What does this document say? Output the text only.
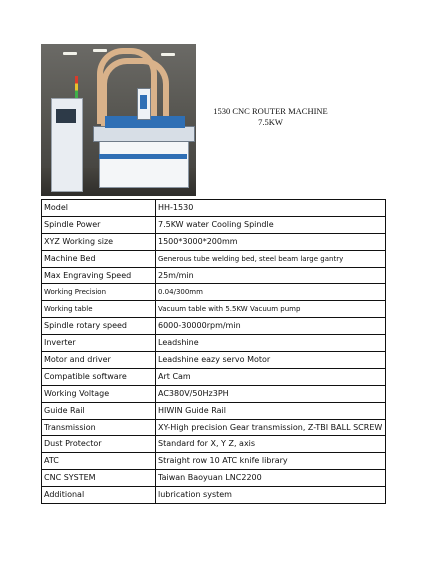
1530 CNC ROUTER MACHINE
7.5KW
Model	HH-1530
Spindle Power	7.5KW water Cooling Spindle
XYZ Working size	1500*3000*200mm
Machine Bed	Generous tube welding bed, steel beam large gantry
Max Engraving Speed	25m/min
Working Precision	0.04/300mm
Working table	Vacuum table with 5.5KW Vacuum pump
Spindle rotary speed	6000-30000rpm/min
Inverter	Leadshine
Motor and driver	Leadshine eazy servo Motor
Compatible software	Art Cam
Working Voltage	AC380V/50Hz3PH
Guide Rail	HIWIN Guide Rail
Transmission	XY-High precision Gear transmission, Z-TBI BALL SCREW
Dust Protector	Standard for X, Y Z, axis
ATC	Straight row 10 ATC knife library
CNC SYSTEM	Taiwan Baoyuan LNC2200
Additional	lubrication system
